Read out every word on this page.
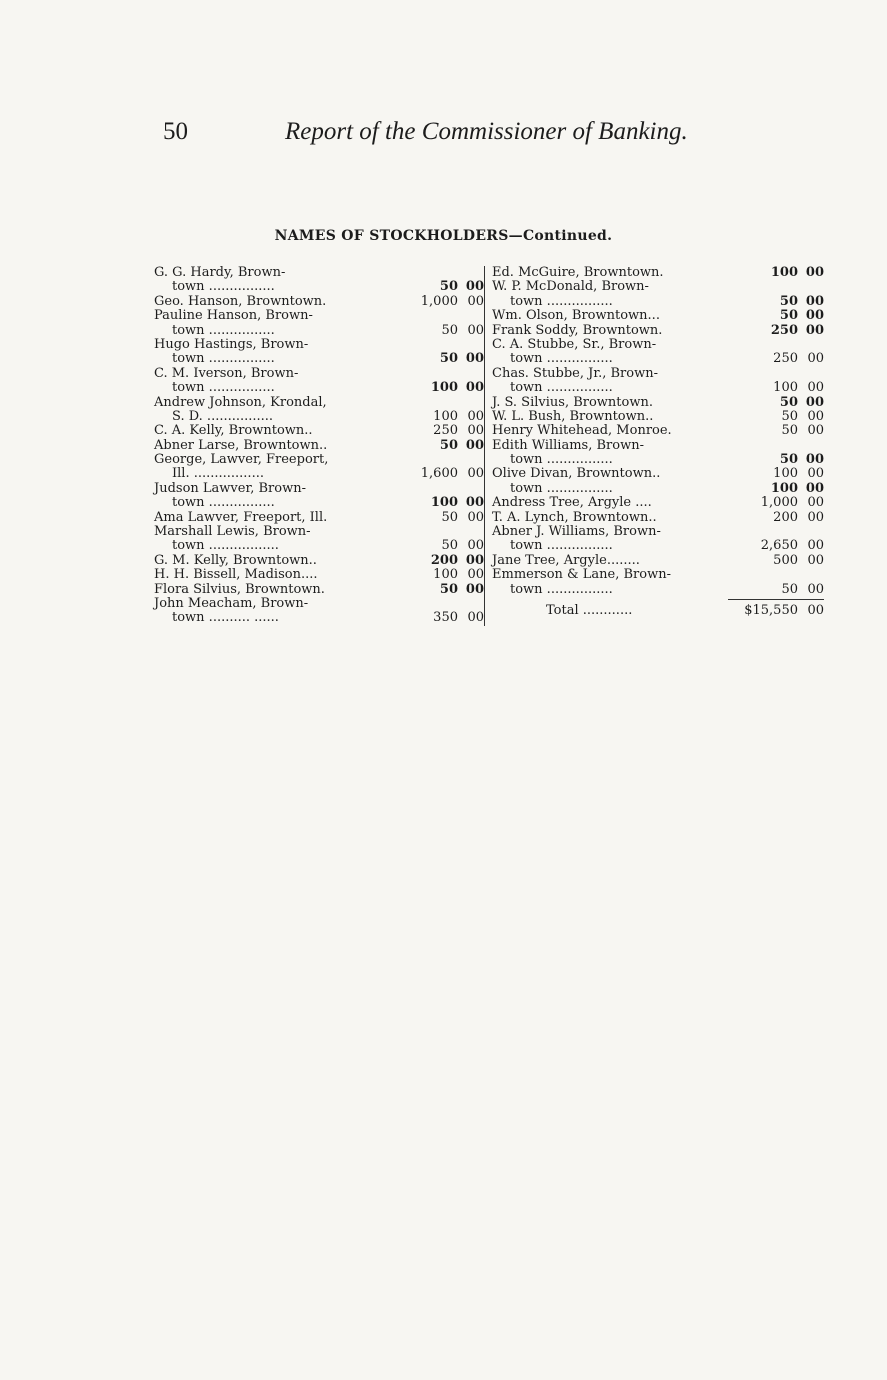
50	Report of the Commissioner of Banking.
NAMES OF STOCKHOLDERS—Continued.
G. G. Hardy, Brown-
town ................	50 00
Geo. Hanson, Browntown.	1,000 00
Pauline Hanson, Brown-
town ................	50 00
Hugo Hastings, Brown-
town ................	50 00
C. M. Iverson, Brown-
town ................	100 00
Andrew Johnson, Krondal,
S. D. ................	100 00
C. A. Kelly, Browntown..	250 00
Abner Larse, Browntown..	50 00
George, Lawver, Freeport,
Ill. .................	1,600 00
Judson Lawver, Brown-
town ................	100 00
Ama Lawver, Freeport, Ill.	50 00
Marshall Lewis, Brown-
town .................	50 00
G. M. Kelly, Browntown..	200 00
H. H. Bissell, Madison....	100 00
Flora Silvius, Browntown.	50 00
John Meacham, Brown-
town .......... ......	350 00
Ed. McGuire, Browntown.	100 00
W. P. McDonald, Brown-
town ................	50 00
Wm. Olson, Browntown...	50 00
Frank Soddy, Browntown.	250 00
C. A. Stubbe, Sr., Brown-
town ................	250 00
Chas. Stubbe, Jr., Brown-
town ................	100 00
J. S. Silvius, Browntown.	50 00
W. L. Bush, Browntown..	50 00
Henry Whitehead, Monroe.	50 00
Edith Williams, Brown-
town ................	50 00
Olive Divan, Browntown..	100 00
town ................	100 00
Andress Tree, Argyle ....	1,000 00
T. A. Lynch, Browntown..	200 00
Abner J. Williams, Brown-
town ................	2,650 00
Jane Tree, Argyle........	500 00
Emmerson & Lane, Brown-
town ................	50 00
Total ............	$15,550 00
